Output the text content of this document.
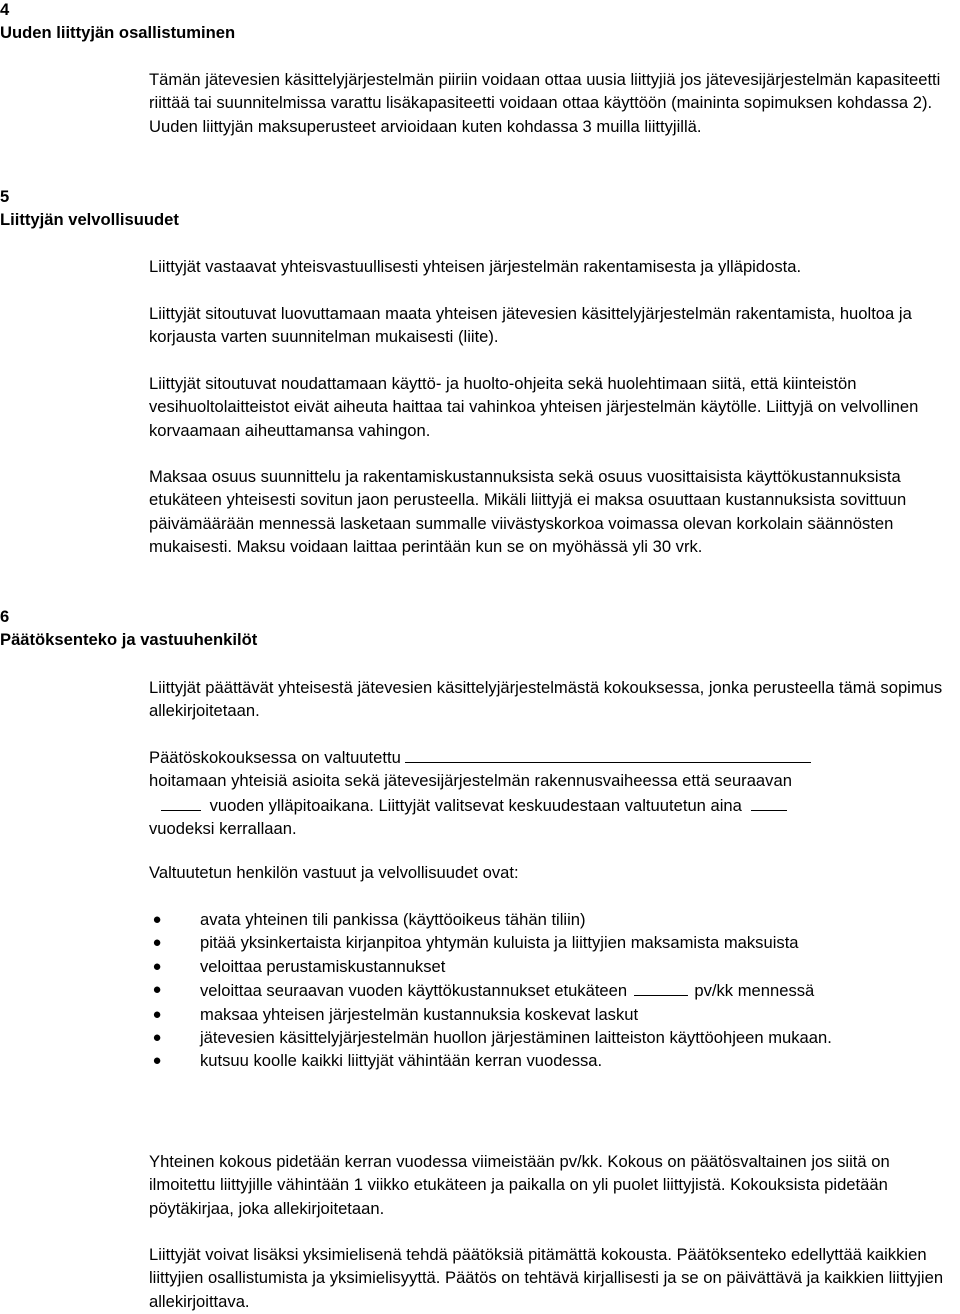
4
Uuden liittyjän osallistuminen

Tämän jätevesien käsittelyjärjestelmän piiriin voidaan ottaa uusia liittyjiä jos jätevesijärjestelmän kapasiteetti riittää tai suunnitelmissa varattu lisäkapasiteetti voidaan ottaa käyttöön (maininta sopimuksen kohdassa 2). Uuden liittyjän maksuperusteet arvioidaan kuten kohdassa 3 muilla liittyjillä.

5
Liittyjän velvollisuudet

Liittyjät vastaavat yhteisvastuullisesti yhteisen järjestelmän rakentamisesta ja ylläpidosta.

Liittyjät sitoutuvat luovuttamaan maata yhteisen jätevesien käsittelyjärjestelmän rakentamista, huoltoa ja korjausta varten suunnitelman mukaisesti (liite).

Liittyjät sitoutuvat noudattamaan käyttö- ja huolto-ohjeita sekä huolehtimaan siitä, että kiinteistön vesihuoltolaitteistot eivät aiheuta haittaa tai vahinkoa yhteisen järjestelmän käytölle. Liittyjä on velvollinen korvaamaan aiheuttamansa vahingon.

Maksaa osuus suunnittelu ja rakentamiskustannuksista sekä osuus vuosittaisista käyttökustannuksista etukäteen yhteisesti sovitun jaon perusteella. Mikäli liittyjä ei maksa osuuttaan kustannuksista sovittuun päivämäärään mennessä lasketaan summalle viivästyskorkoa voimassa olevan korkolain säännösten mukaisesti. Maksu voidaan laittaa perintään kun se on myöhässä yli 30 vrk.

6
Päätöksenteko ja vastuuhenkilöt

Liittyjät päättävät yhteisestä jätevesien käsittelyjärjestelmästä kokouksessa, jonka perusteella tämä sopimus allekirjoitetaan.

Päätöskokouksessa on valtuutettu
hoitamaan yhteisiä asioita sekä jätevesijärjestelmän rakennusvaiheessa että seuraavan
vuoden ylläpitoaikana. Liittyjät valitsevat keskuudestaan valtuutetun aina
vuodeksi kerrallaan.

Valtuutetun henkilön vastuut ja velvollisuudet ovat:

● avata yhteinen tili pankissa (käyttöoikeus tähän tiliin)
● pitää yksinkertaista kirjanpitoa yhtymän kuluista ja liittyjien maksamista maksuista
● veloittaa perustamiskustannukset
● veloittaa seuraavan vuoden käyttökustannukset etukäteen	pv/kk mennessä
● maksaa yhteisen järjestelmän kustannuksia koskevat laskut
● jätevesien käsittelyjärjestelmän huollon järjestäminen laitteiston käyttöohjeen mukaan.
● kutsuu koolle kaikki liittyjät vähintään kerran vuodessa.

Yhteinen kokous pidetään kerran vuodessa viimeistään pv/kk. Kokous on päätösvaltainen jos siitä on ilmoitettu liittyjille vähintään 1 viikko etukäteen ja paikalla on yli puolet liittyjistä. Kokouksista pidetään pöytäkirjaa, joka allekirjoitetaan.

Liittyjät voivat lisäksi yksimielisenä tehdä päätöksiä pitämättä kokousta. Päätöksenteko edellyttää kaikkien liittyjien osallistumista ja yksimielisyyttä. Päätös on tehtävä kirjallisesti ja se on päivättävä ja kaikkien liittyjien allekirjoittava.
